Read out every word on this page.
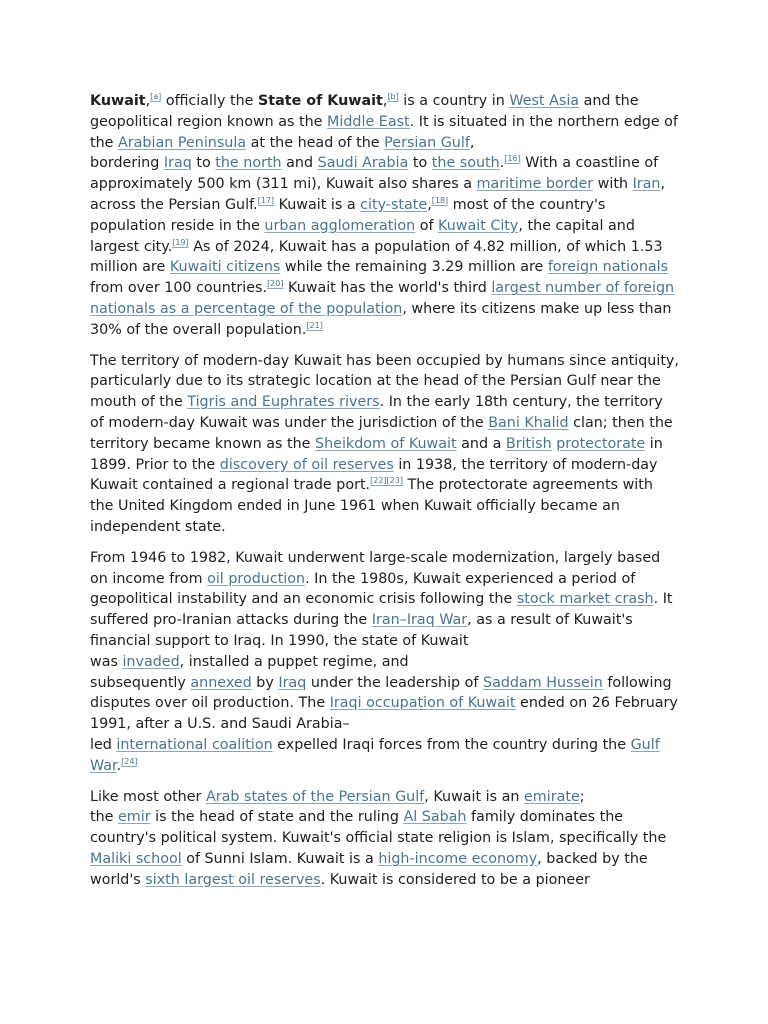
Kuwait,[a] officially the State of Kuwait,[b] is a country in West Asia and the geopolitical region known as the Middle East. It is situated in the northern edge of the Arabian Peninsula at the head of the Persian Gulf,
bordering Iraq to the north and Saudi Arabia to the south.[16] With a coastline of approximately 500 km (311 mi), Kuwait also shares a maritime border with Iran, across the Persian Gulf.[17] Kuwait is a city-state,[18] most of the country's population reside in the urban agglomeration of Kuwait City, the capital and largest city.[19] As of 2024, Kuwait has a population of 4.82 million, of which 1.53 million are Kuwaiti citizens while the remaining 3.29 million are foreign nationals from over 100 countries.[20] Kuwait has the world's third largest number of foreign nationals as a percentage of the population, where its citizens make up less than 30% of the overall population.[21]

The territory of modern-day Kuwait has been occupied by humans since antiquity, particularly due to its strategic location at the head of the Persian Gulf near the mouth of the Tigris and Euphrates rivers. In the early 18th century, the territory of modern-day Kuwait was under the jurisdiction of the Bani Khalid clan; then the territory became known as the Sheikdom of Kuwait and a British protectorate in 1899. Prior to the discovery of oil reserves in 1938, the territory of modern-day Kuwait contained a regional trade port.[22][23] The protectorate agreements with the United Kingdom ended in June 1961 when Kuwait officially became an independent state.

From 1946 to 1982, Kuwait underwent large-scale modernization, largely based on income from oil production. In the 1980s, Kuwait experienced a period of geopolitical instability and an economic crisis following the stock market crash. It suffered pro-Iranian attacks during the Iran–Iraq War, as a result of Kuwait's financial support to Iraq. In 1990, the state of Kuwait
was invaded, installed a puppet regime, and
subsequently annexed by Iraq under the leadership of Saddam Hussein following disputes over oil production. The Iraqi occupation of Kuwait ended on 26 February 1991, after a U.S. and Saudi Arabia–
led international coalition expelled Iraqi forces from the country during the Gulf War.[24]

Like most other Arab states of the Persian Gulf, Kuwait is an emirate;
the emir is the head of state and the ruling Al Sabah family dominates the country's political system. Kuwait's official state religion is Islam, specifically the Maliki school of Sunni Islam. Kuwait is a high-income economy, backed by the world's sixth largest oil reserves. Kuwait is considered to be a pioneer
